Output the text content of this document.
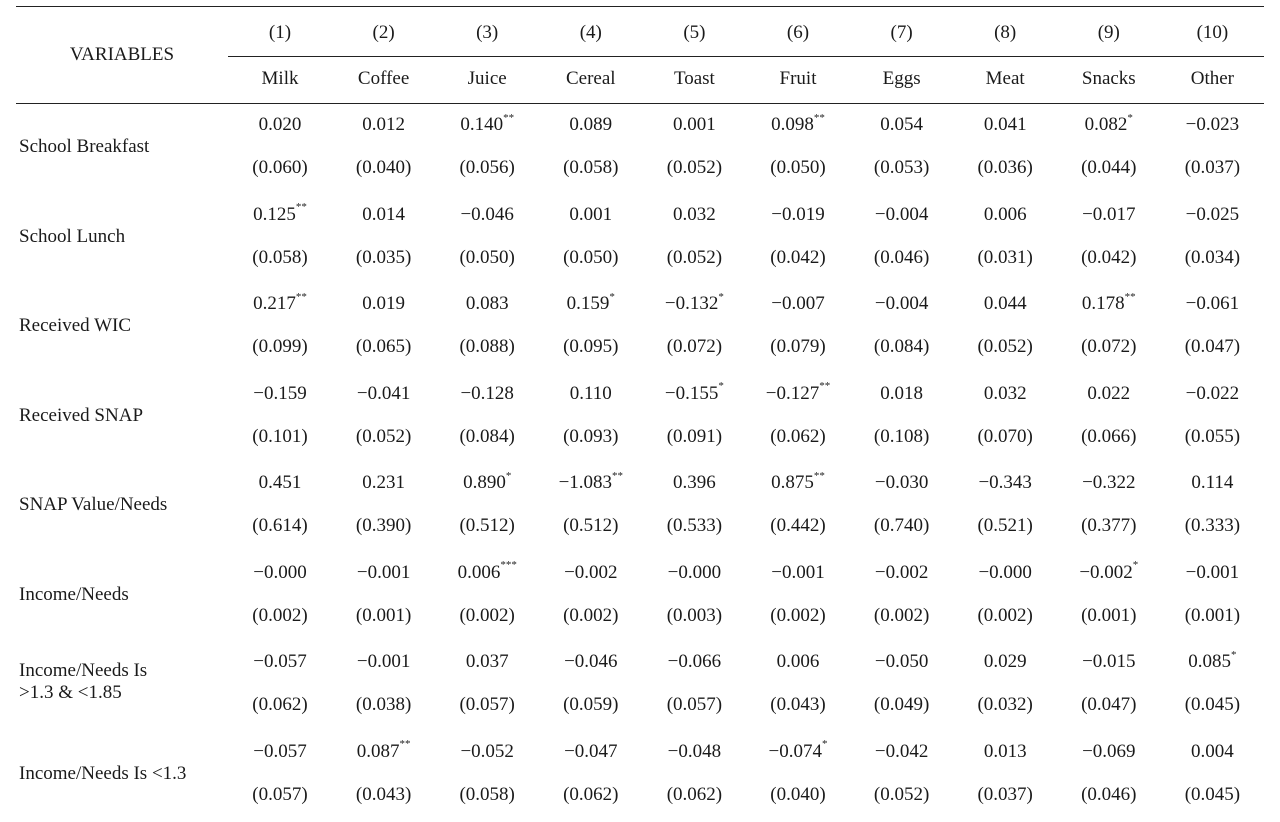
VARIABLES
(1)
Milk
(2)
Coffee
(3)
Juice
(4)
Cereal
(5)
Toast
(6)
Fruit
(7)
Eggs
(8)
Meat
(9)
Snacks
(10)
Other
School Breakfast
0.020
(0.060)
0.012
(0.040)
0.140**
(0.056)
0.089
(0.058)
0.001
(0.052)
0.098**
(0.050)
0.054
(0.053)
0.041
(0.036)
0.082*
(0.044)
−0.023
(0.037)
School Lunch
0.125**
(0.058)
0.014
(0.035)
−0.046
(0.050)
0.001
(0.050)
0.032
(0.052)
−0.019
(0.042)
−0.004
(0.046)
0.006
(0.031)
−0.017
(0.042)
−0.025
(0.034)
Received WIC
0.217**
(0.099)
0.019
(0.065)
0.083
(0.088)
0.159*
(0.095)
−0.132*
(0.072)
−0.007
(0.079)
−0.004
(0.084)
0.044
(0.052)
0.178**
(0.072)
−0.061
(0.047)
Received SNAP
−0.159
(0.101)
−0.041
(0.052)
−0.128
(0.084)
0.110
(0.093)
−0.155*
(0.091)
−0.127**
(0.062)
0.018
(0.108)
0.032
(0.070)
0.022
(0.066)
−0.022
(0.055)
SNAP Value/Needs
0.451
(0.614)
0.231
(0.390)
0.890*
(0.512)
−1.083**
(0.512)
0.396
(0.533)
0.875**
(0.442)
−0.030
(0.740)
−0.343
(0.521)
−0.322
(0.377)
0.114
(0.333)
Income/Needs
−0.000
(0.002)
−0.001
(0.001)
0.006***
(0.002)
−0.002
(0.002)
−0.000
(0.003)
−0.001
(0.002)
−0.002
(0.002)
−0.000
(0.002)
−0.002*
(0.001)
−0.001
(0.001)
Income/Needs Is
>1.3 & <1.85
−0.057
(0.062)
−0.001
(0.038)
0.037
(0.057)
−0.046
(0.059)
−0.066
(0.057)
0.006
(0.043)
−0.050
(0.049)
0.029
(0.032)
−0.015
(0.047)
0.085*
(0.045)
Income/Needs Is <1.3
−0.057
(0.057)
0.087**
(0.043)
−0.052
(0.058)
−0.047
(0.062)
−0.048
(0.062)
−0.074*
(0.040)
−0.042
(0.052)
0.013
(0.037)
−0.069
(0.046)
0.004
(0.045)
